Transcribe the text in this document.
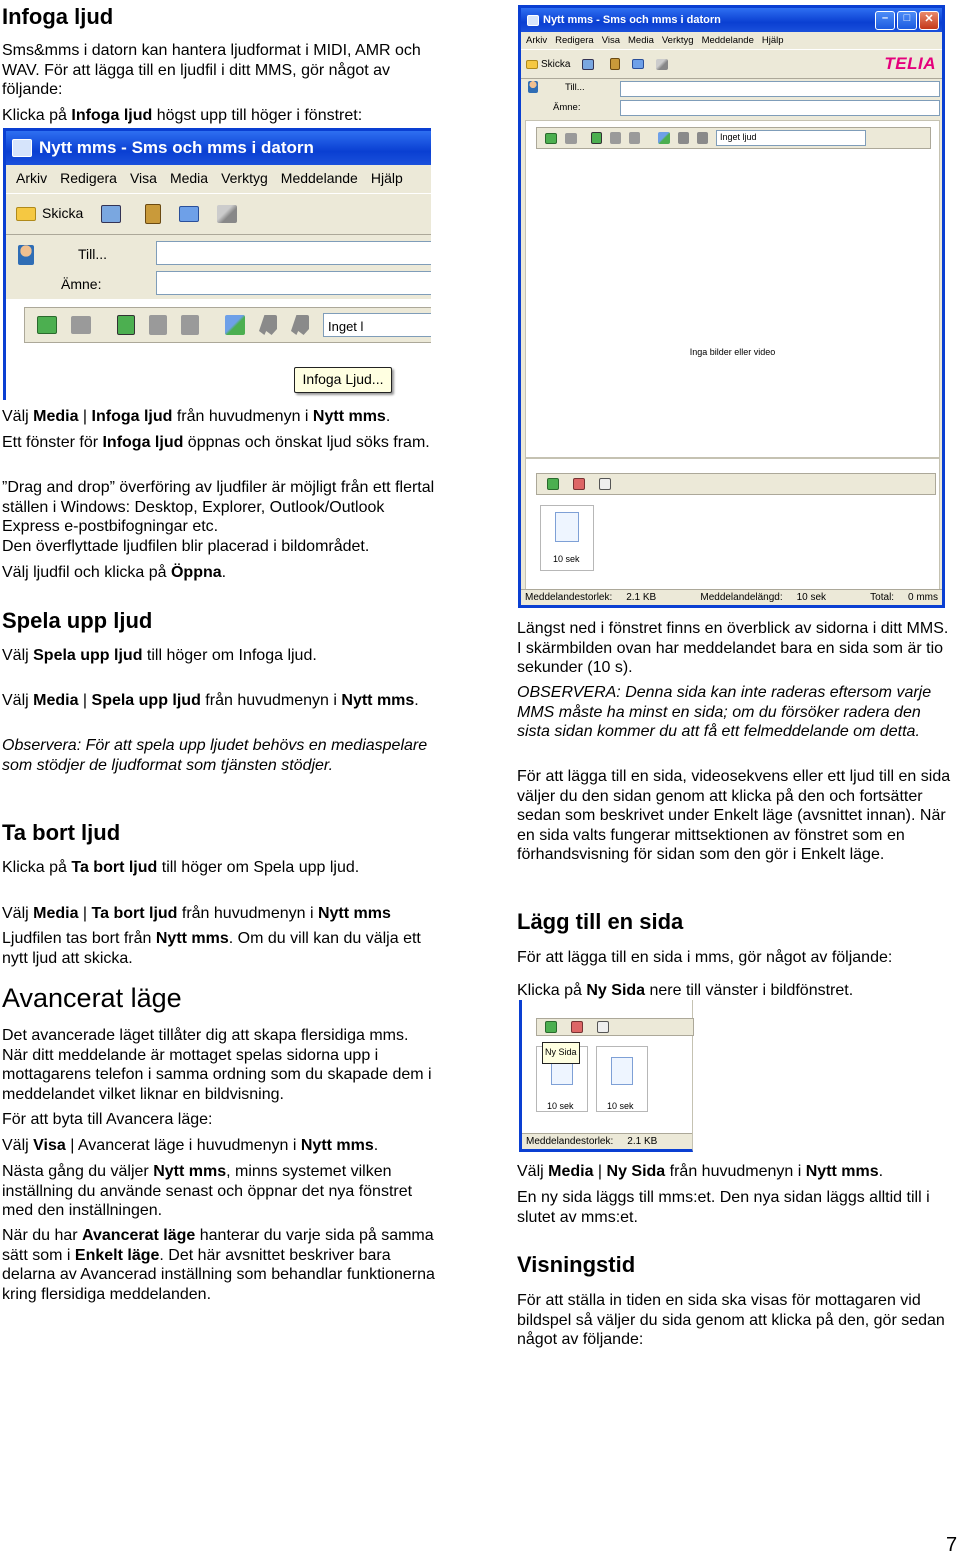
Infoga ljud

Sms&mms i datorn kan hantera ljudformat i MIDI, AMR och WAV. För att lägga till en ljudfil i ditt MMS, gör något av följande:

Klicka på Infoga ljud högst upp till höger i fönstret:

Nytt mms - Sms och mms i datorn
Arkiv Redigera Visa Media Verktyg Meddelande Hjälp
Skicka
Till...
Ämne:
Inget l
Infoga Ljud...

Välj Media | Infoga ljud från huvudmenyn i Nytt mms.

Ett fönster för Infoga ljud öppnas och önskat ljud söks fram.

”Drag and drop” överföring av ljudfiler är möjligt från ett flertal ställen i Windows: Desktop, Explorer, Outlook/Outlook Express e-postbifogningar etc.

Den överflyttade ljudfilen blir placerad i bildområdet.

Välj ljudfil och klicka på Öppna.

Spela upp ljud

Välj Spela upp ljud till höger om Infoga ljud.

Välj Media | Spela upp ljud från huvudmenyn i Nytt mms.

Observera: För att spela upp ljudet behövs en mediaspelare som stödjer de ljudformat som tjänsten stödjer.

Ta bort ljud

Klicka på Ta bort ljud till höger om Spela upp ljud.

Välj Media | Ta bort ljud från huvudmenyn i Nytt mms

Ljudfilen tas bort från Nytt mms. Om du vill kan du välja ett nytt ljud att skicka.

Avancerat läge

Det avancerade läget tillåter dig att skapa flersidiga mms. När ditt meddelande är mottaget spelas sidorna upp i mottagarens telefon i samma ordning som du skapade dem i meddelandet vilket liknar en bildvisning.

För att byta till Avancera läge:

Välj Visa | Avancerat läge i huvudmenyn i Nytt mms.

Nästa gång du väljer Nytt mms, minns systemet vilken inställning du använde senast och öppnar det nya fönstret med den inställningen.

När du har Avancerat läge hanterar du varje sida på samma sätt som i Enkelt läge. Det här avsnittet beskriver bara delarna av Avancerad inställning som behandlar funktionerna kring flersidiga meddelanden.

Nytt mms - Sms och mms i datorn	–	□	✕
Arkiv Redigera Visa Media Verktyg Meddelande Hjälp
Skicka	TELIA
Till...
Ämne:
Inget ljud
Inga bilder eller video
10 sek
Meddelandestorlek: 2.1 KB	Meddelandelängd: 10 sek	Total: 0 mms

Längst ned i fönstret finns en överblick av sidorna i ditt MMS. I skärmbilden ovan har meddelandet bara en sida som är tio sekunder (10 s).

OBSERVERA: Denna sida kan inte raderas eftersom varje MMS måste ha minst en sida; om du försöker radera den sista sidan kommer du att få ett felmeddelande om detta.

För att lägga till en sida, videosekvens eller ett ljud till en sida väljer du den sidan genom att klicka på den och fortsätter sedan som beskrivet under Enkelt läge (avsnittet innan). När en sida valts fungerar mittsektionen av fönstret som en förhandsvisning för sidan som den gör i Enkelt läge.

Lägg till en sida

För att lägga till en sida i mms, gör något av följande:

Klicka på Ny Sida nere till vänster i bildfönstret.

Ny Sida
10 sek	10 sek
Meddelandestorlek: 2.1 KB

Välj Media | Ny Sida från huvudmenyn i Nytt mms.

En ny sida läggs till mms:et. Den nya sidan läggs alltid till i slutet av mms:et.

Visningstid

För att ställa in tiden en sida ska visas för mottagaren vid bildspel så väljer du sida genom att klicka på den, gör sedan något av följande:

7
